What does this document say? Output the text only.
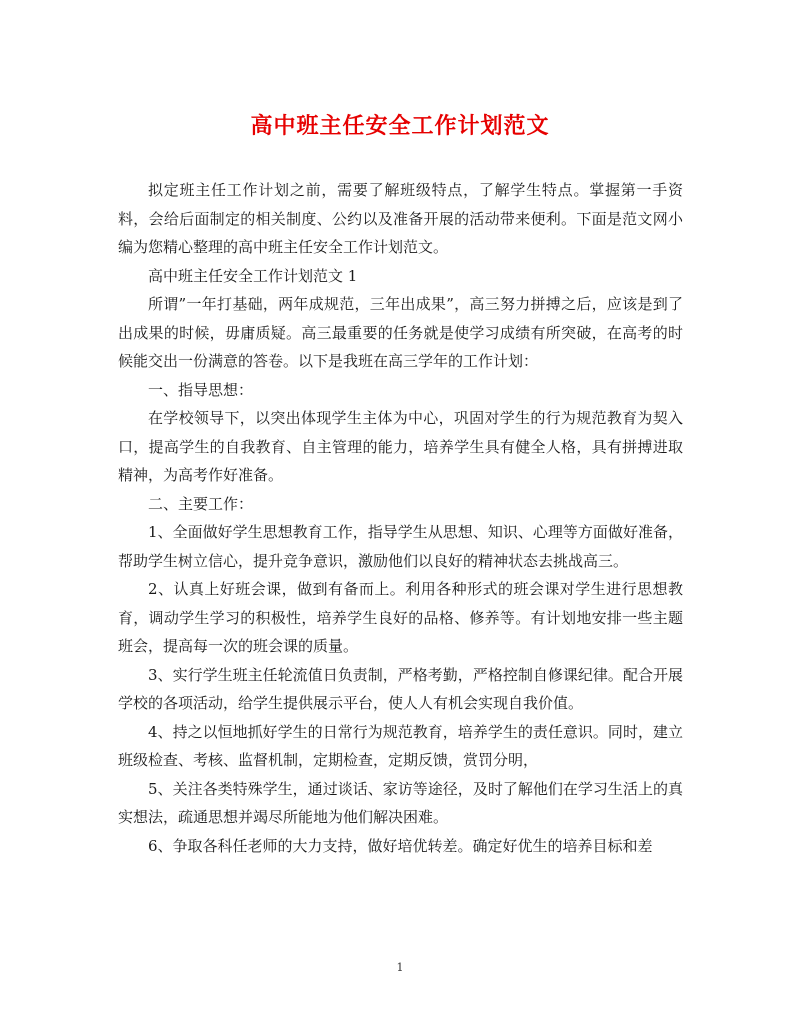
高中班主任安全工作计划范文

拟定班主任工作计划之前，需要了解班级特点，了解学生特点。掌握第一手资料，会给后面制定的相关制度、公约以及准备开展的活动带来便利。下面是范文网小编为您精心整理的高中班主任安全工作计划范文。

高中班主任安全工作计划范文 1

所谓”一年打基础，两年成规范，三年出成果”，高三努力拼搏之后，应该是到了出成果的时候，毋庸质疑。高三最重要的任务就是使学习成绩有所突破，在高考的时候能交出一份满意的答卷。以下是我班在高三学年的工作计划：

一、指导思想：

在学校领导下，以突出体现学生主体为中心，巩固对学生的行为规范教育为契入口，提高学生的自我教育、自主管理的能力，培养学生具有健全人格，具有拼搏进取精神，为高考作好准备。

二、主要工作：

1、全面做好学生思想教育工作，指导学生从思想、知识、心理等方面做好准备，帮助学生树立信心，提升竞争意识，激励他们以良好的精神状态去挑战高三。

2、认真上好班会课，做到有备而上。利用各种形式的班会课对学生进行思想教育，调动学生学习的积极性，培养学生良好的品格、修养等。有计划地安排一些主题班会，提高每一次的班会课的质量。

3、实行学生班主任轮流值日负责制，严格考勤，严格控制自修课纪律。配合开展学校的各项活动，给学生提供展示平台，使人人有机会实现自我价值。

4、持之以恒地抓好学生的日常行为规范教育，培养学生的责任意识。同时，建立班级检查、考核、监督机制，定期检查，定期反馈，赏罚分明，

5、关注各类特殊学生，通过谈话、家访等途径，及时了解他们在学习生活上的真实想法，疏通思想并竭尽所能地为他们解决困难。

6、争取各科任老师的大力支持，做好培优转差。确定好优生的培养目标和差

1
